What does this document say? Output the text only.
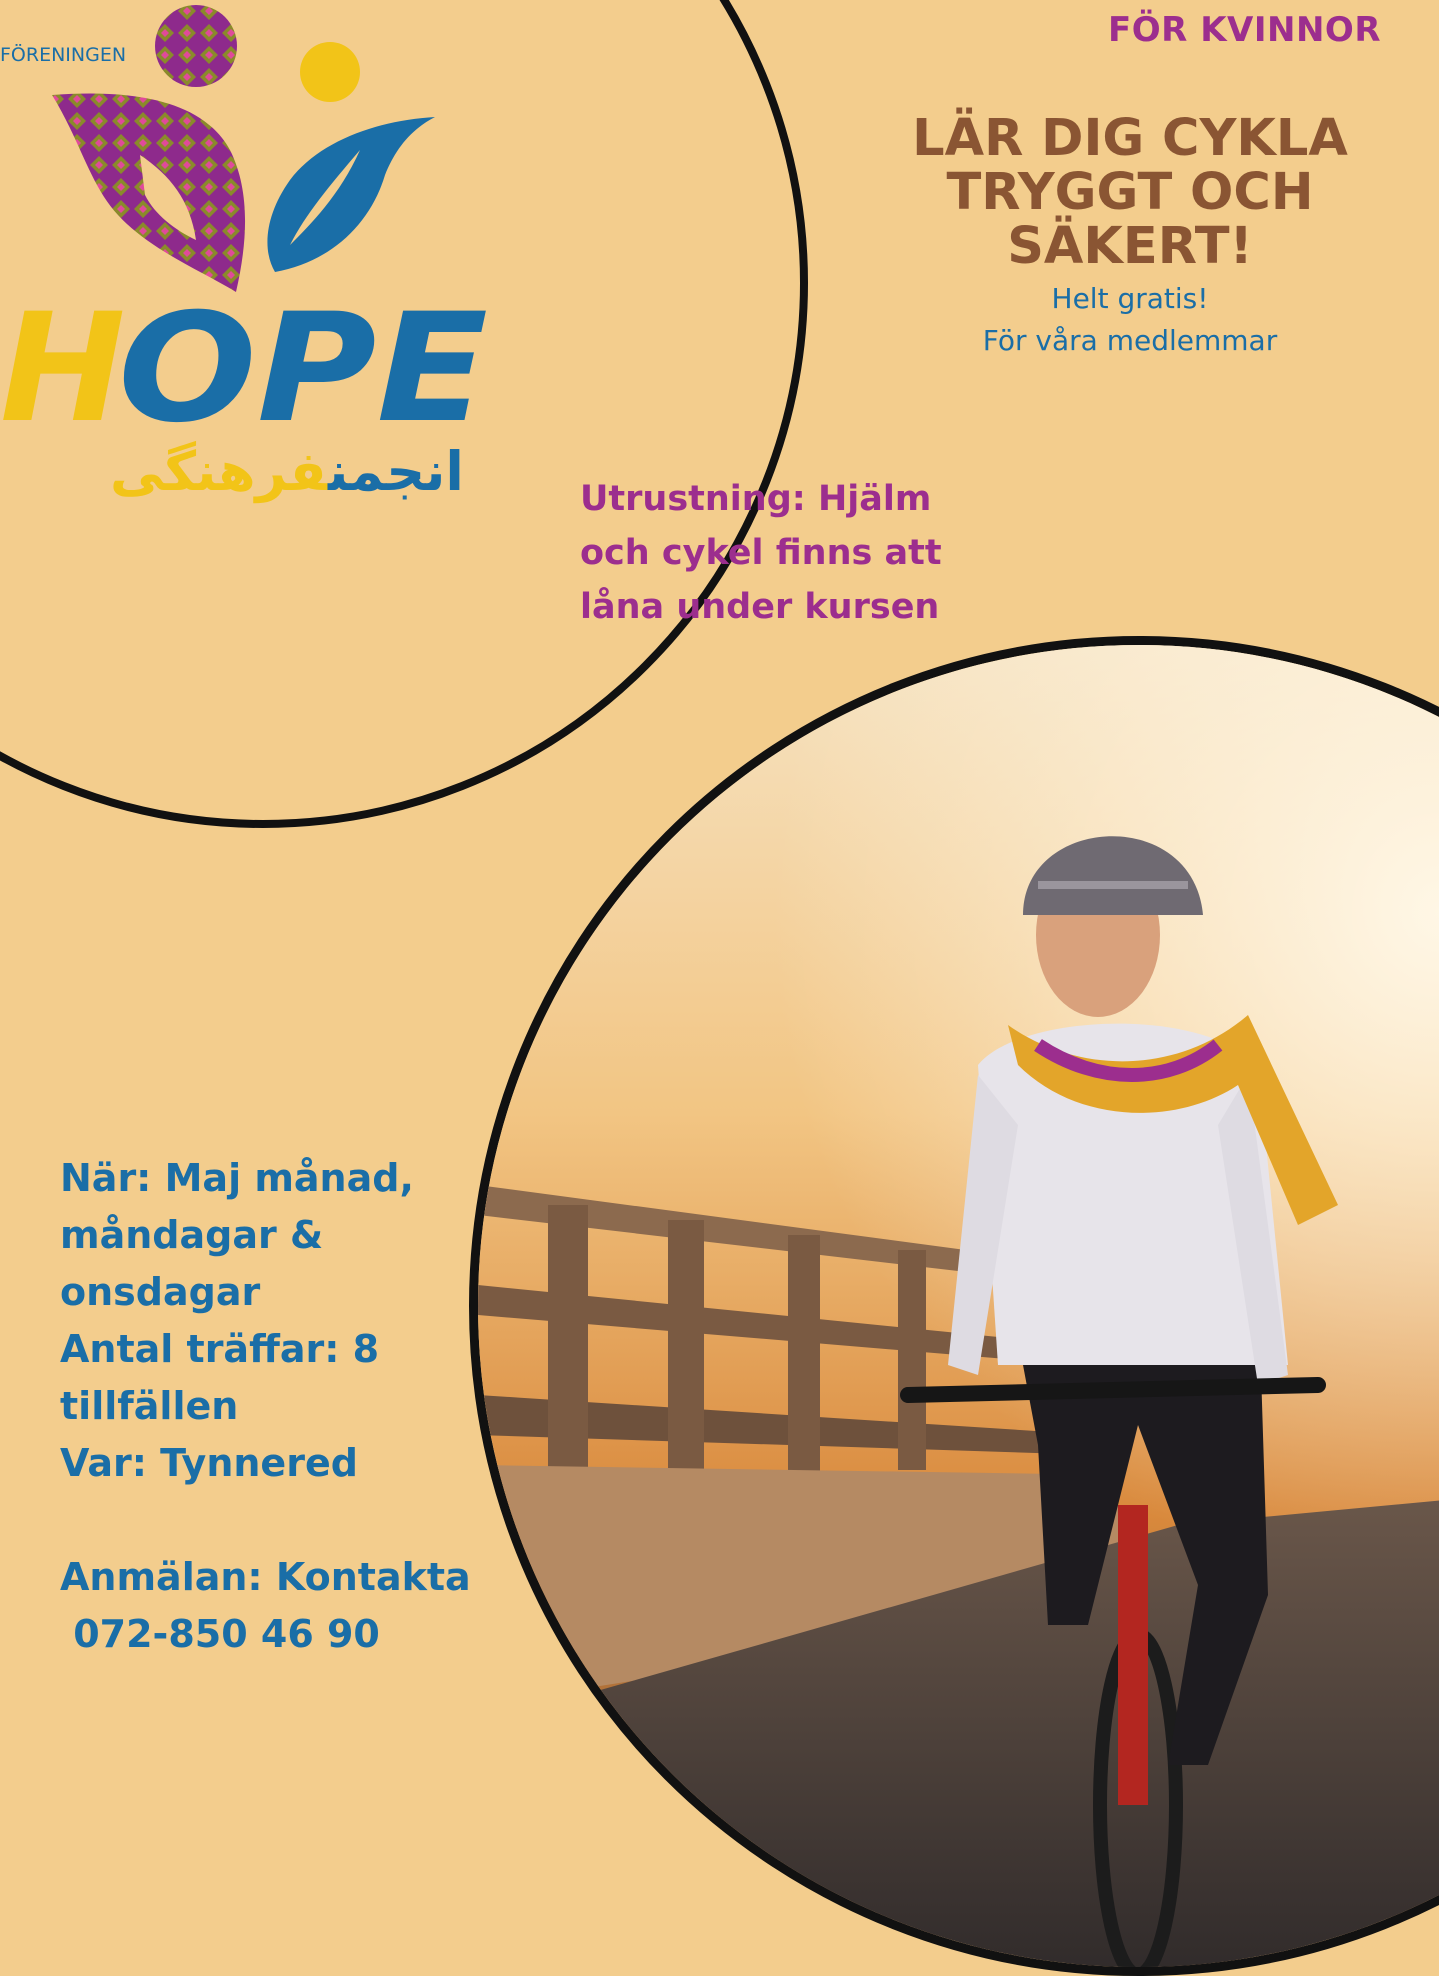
FÖRENINGEN
H
OPE
انجمنفرهنگی
FÖR KVINNOR
LÄR DIG CYKLA
TRYGGT OCH
SÄKERT!
Helt gratis!
För våra medlemmar
Utrustning: Hjälm
och cykel finns att
låna under kursen
När: Maj månad,
måndagar &
onsdagar
Antal träffar: 8
tillfällen
Var: Tynnered
Anmälan: Kontakta
072-850 46 90
